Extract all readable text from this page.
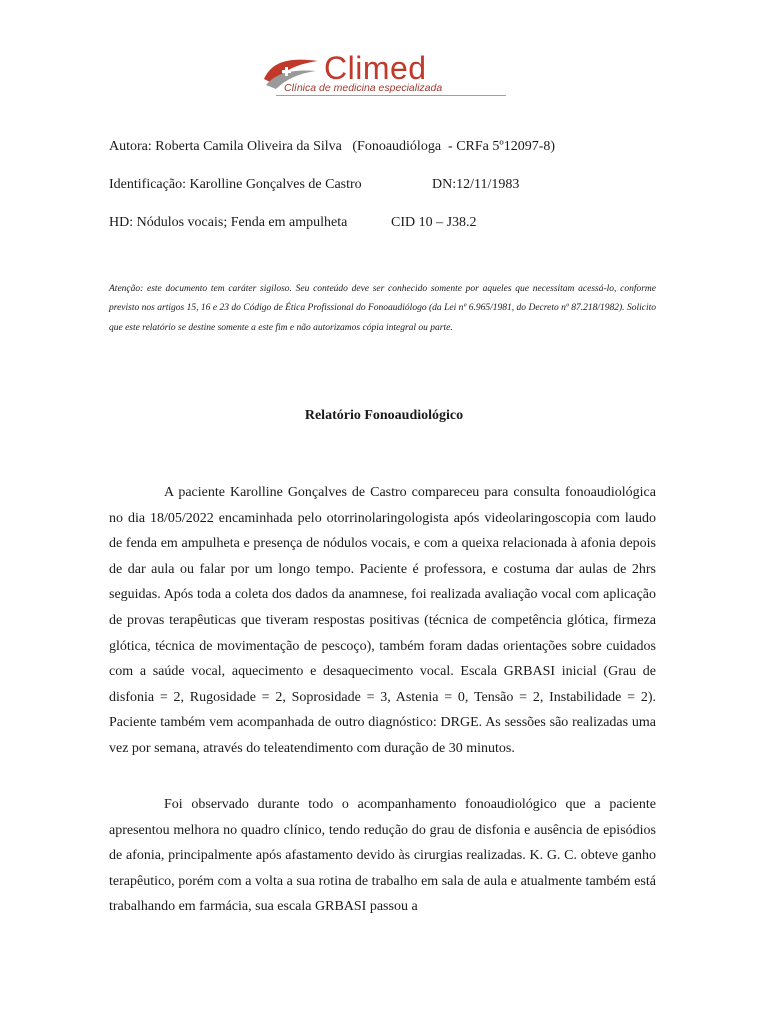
Climed
Clínica de medicina especializada
Autora: Roberta Camila Oliveira da Silva   (Fonoaudióloga  - CRFa 5º12097-8)
Identificação: Karolline Gonçalves de Castro	DN:12/11/1983
HD: Nódulos vocais; Fenda em ampulheta	CID 10 – J38.2
Atenção: este documento tem caráter sigiloso. Seu conteúdo deve ser conhecido somente por aqueles que necessitam acessá-lo, conforme previsto nos artigos 15, 16 e 23 do Código de Ética Profissional do Fonoaudiólogo (da Lei nº 6.965/1981, do Decreto nº 87.218/1982). Solicito que este relatório se destine somente a este fim e não autorizamos cópia integral ou parte.
Relatório Fonoaudiológico
A paciente Karolline Gonçalves de Castro compareceu para consulta fonoaudiológica no dia 18/05/2022 encaminhada pelo otorrinolaringologista após videolaringoscopia com laudo de fenda em ampulheta e presença de nódulos vocais, e com a queixa relacionada à afonia depois de dar aula ou falar por um longo tempo. Paciente é professora, e costuma dar aulas de 2hrs seguidas. Após toda a coleta dos dados da anamnese, foi realizada avaliação vocal com aplicação de provas terapêuticas que tiveram respostas positivas (técnica de competência glótica, firmeza glótica, técnica de movimentação de pescoço), também foram dadas orientações sobre cuidados com a saúde vocal, aquecimento e desaquecimento vocal. Escala GRBASI inicial (Grau de disfonia = 2, Rugosidade = 2, Soprosidade = 3, Astenia = 0, Tensão = 2, Instabilidade = 2). Paciente também vem acompanhada de outro diagnóstico: DRGE. As sessões são realizadas uma vez por semana, através do teleatendimento com duração de 30 minutos.
Foi observado durante todo o acompanhamento fonoaudiológico que a paciente apresentou melhora no quadro clínico, tendo redução do grau de disfonia e ausência de episódios de afonia, principalmente após afastamento devido às cirurgias realizadas. K. G. C. obteve ganho terapêutico, porém com a volta a sua rotina de trabalho em sala de aula e atualmente também está trabalhando em farmácia, sua escala GRBASI passou a
